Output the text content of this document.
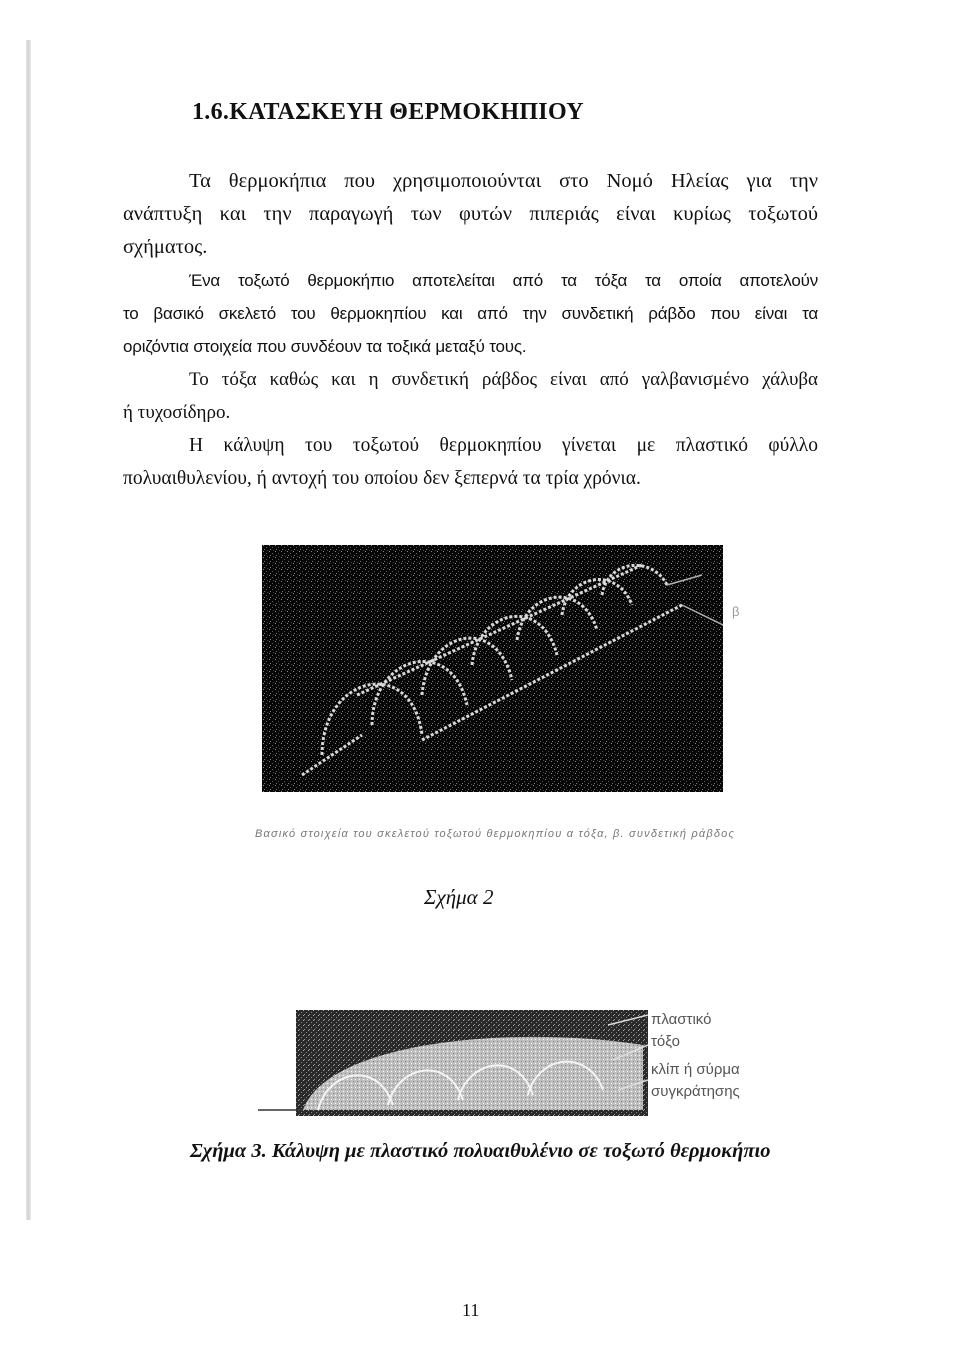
1.6.ΚΑΤΑΣΚΕΥΗ ΘΕΡΜΟΚΗΠΙΟΥ

Τα θερμοκήπια που χρησιμοποιούνται στο Νομό Ηλείας για την

ανάπτυξη και την παραγωγή των φυτών πιπεριάς είναι κυρίως τοξωτού

σχήματος.

Ένα τοξωτό θερμοκήπιο αποτελείται από τα τόξα τα οποία αποτελούν

το βασικό σκελετό του θερμοκηπίου και από την συνδετική ράβδο που είναι τα

οριζόντια στοιχεία που συνδέουν τα τοξικά μεταξύ τους.

Το τόξα καθώς και η συνδετική ράβδος είναι από γαλβανισμένο χάλυβα

ή τυχοσίδηρο.

Η κάλυψη του τοξωτού θερμοκηπίου γίνεται με πλαστικό φύλλο

πολυαιθυλενίου, ή αντοχή του οποίου δεν ξεπερνά τα τρία χρόνια.

β

Βασικό στοιχεία του σκελετού τοξωτού θερμοκηπίου α τόξα, β. συνδετική ράβδος

Σχήμα 2

πλαστικό
τόξο
κλίπ ή σύρμα
συγκράτησης

Σχήμα 3. Κάλυψη με πλαστικό πολυαιθυλένιο σε τοξωτό θερμοκήπιο

11
